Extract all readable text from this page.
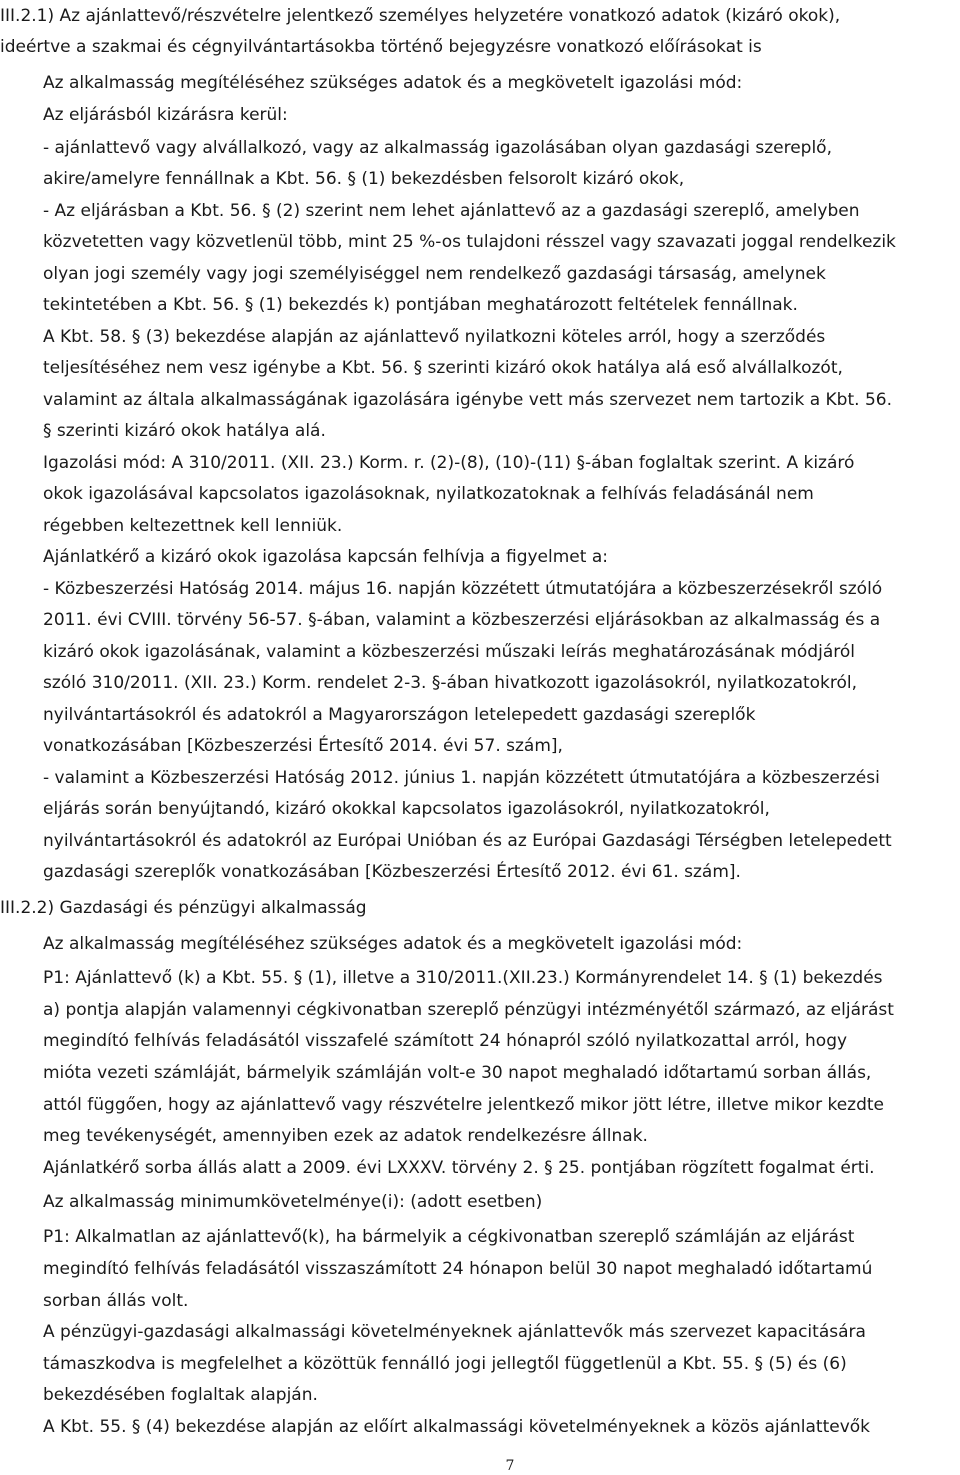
III.2.1) Az ajánlattevő/részvételre jelentkező személyes helyzetére vonatkozó adatok (kizáró okok),
ideértve a szakmai és cégnyilvántartásokba történő bejegyzésre vonatkozó előírásokat is
Az alkalmasság megítéléséhez szükséges adatok és a megkövetelt igazolási mód:
Az eljárásból kizárásra kerül:
- ajánlattevő vagy alvállalkozó, vagy az alkalmasság igazolásában olyan gazdasági szereplő,
akire/amelyre fennállnak a Kbt. 56. § (1) bekezdésben felsorolt kizáró okok,
- Az eljárásban a Kbt. 56. § (2) szerint nem lehet ajánlattevő az a gazdasági szereplő, amelyben
közvetetten vagy közvetlenül több, mint 25 %-os tulajdoni résszel vagy szavazati joggal rendelkezik
olyan jogi személy vagy jogi személyiséggel nem rendelkező gazdasági társaság, amelynek
tekintetében a Kbt. 56. § (1) bekezdés k) pontjában meghatározott feltételek fennállnak.
A Kbt. 58. § (3) bekezdése alapján az ajánlattevő nyilatkozni köteles arról, hogy a szerződés
teljesítéséhez nem vesz igénybe a Kbt. 56. § szerinti kizáró okok hatálya alá eső alvállalkozót,
valamint az általa alkalmasságának igazolására igénybe vett más szervezet nem tartozik a Kbt. 56.
§ szerinti kizáró okok hatálya alá.
Igazolási mód: A 310/2011. (XII. 23.) Korm. r. (2)-(8), (10)-(11) §-ában foglaltak szerint. A kizáró
okok igazolásával kapcsolatos igazolásoknak, nyilatkozatoknak a felhívás feladásánál nem
régebben keltezettnek kell lenniük.
Ajánlatkérő a kizáró okok igazolása kapcsán felhívja a figyelmet a:
- Közbeszerzési Hatóság 2014. május 16. napján közzétett útmutatójára a közbeszerzésekről szóló
2011. évi CVIII. törvény 56-57. §-ában, valamint a közbeszerzési eljárásokban az alkalmasság és a
kizáró okok igazolásának, valamint a közbeszerzési műszaki leírás meghatározásának módjáról
szóló 310/2011. (XII. 23.) Korm. rendelet 2-3. §-ában hivatkozott igazolásokról, nyilatkozatokról,
nyilvántartásokról és adatokról a Magyarországon letelepedett gazdasági szereplők
vonatkozásában [Közbeszerzési Értesítő 2014. évi 57. szám],
- valamint a Közbeszerzési Hatóság 2012. június 1. napján közzétett útmutatójára a közbeszerzési
eljárás során benyújtandó, kizáró okokkal kapcsolatos igazolásokról, nyilatkozatokról,
nyilvántartásokról és adatokról az Európai Unióban és az Európai Gazdasági Térségben letelepedett
gazdasági szereplők vonatkozásában [Közbeszerzési Értesítő 2012. évi 61. szám].
III.2.2) Gazdasági és pénzügyi alkalmasság
Az alkalmasság megítéléséhez szükséges adatok és a megkövetelt igazolási mód:
P1: Ajánlattevő (k) a Kbt. 55. § (1), illetve a 310/2011.(XII.23.) Kormányrendelet 14. § (1) bekezdés
a) pontja alapján valamennyi cégkivonatban szereplő pénzügyi intézményétől származó, az eljárást
megindító felhívás feladásától visszafelé számított 24 hónapról szóló nyilatkozattal arról, hogy
mióta vezeti számláját, bármelyik számláján volt-e 30 napot meghaladó időtartamú sorban állás,
attól függően, hogy az ajánlattevő vagy részvételre jelentkező mikor jött létre, illetve mikor kezdte
meg tevékenységét, amennyiben ezek az adatok rendelkezésre állnak.
Ajánlatkérő sorba állás alatt a 2009. évi LXXXV. törvény 2. § 25. pontjában rögzített fogalmat érti.
Az alkalmasság minimumkövetelménye(i): (adott esetben)
P1: Alkalmatlan az ajánlattevő(k), ha bármelyik a cégkivonatban szereplő számláján az eljárást
megindító felhívás feladásától visszaszámított 24 hónapon belül 30 napot meghaladó időtartamú
sorban állás volt.
A pénzügyi-gazdasági alkalmassági követelményeknek ajánlattevők más szervezet kapacitására
támaszkodva is megfelelhet a közöttük fennálló jogi jellegtől függetlenül a Kbt. 55. § (5) és (6)
bekezdésében foglaltak alapján.
A Kbt. 55. § (4) bekezdése alapján az előírt alkalmassági követelményeknek a közös ajánlattevők
7
